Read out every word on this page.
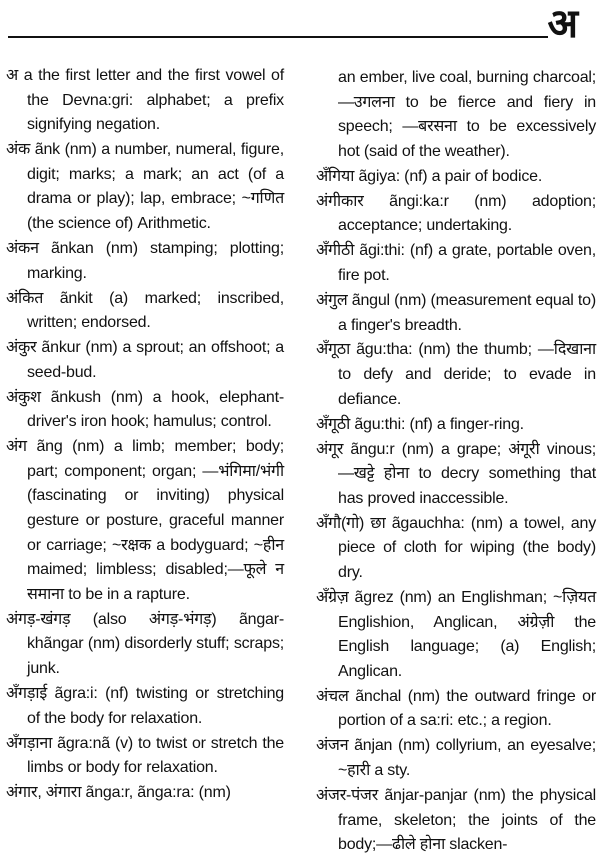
अ

अ a the first letter and the first vowel of the Devna:gri: alphabet; a prefix signifying negation.

अंक ãnk (nm) a number, numeral, figure, digit; marks; a mark; an act (of a drama or play); lap, embrace; ~गणित (the science of) Arithmetic.

अंकन ãnkan (nm) stamping; plotting; marking.

अंकित ãnkit (a) marked; inscribed, written; endorsed.

अंकुर ãnkur (nm) a sprout; an offshoot; a seed-bud.

अंकुश ãnkush (nm) a hook, elephant-driver's iron hook; hamulus; control.

अंग ãng (nm) a limb; member; body; part; component; organ; —भंगिमा/भंगी (fascinating or inviting) physical gesture or posture, graceful manner or carriage; ~रक्षक a bodyguard; ~हीन maimed; limbless; disabled;—फूले न समाना to be in a rapture.

अंगड़-खंगड़ (also अंगड़-भंगड़) ãngar-khãngar (nm) disorderly stuff; scraps; junk.

अँगड़ाई ãgra:i: (nf) twisting or stretching of the body for relaxation.

अँगड़ाना ãgra:nã (v) to twist or stretch the limbs or body for relaxation.

अंगार, अंगारा ãnga:r, ãnga:ra: (nm)

an ember, live coal, burning charcoal; —उगलना to be fierce and fiery in speech; —बरसना to be excessively hot (said of the weather).

अँगिया ãgiya: (nf) a pair of bodice.

अंगीकार ãngi:ka:r (nm) adoption; acceptance; undertaking.

अँगीठी ãgi:thi: (nf) a grate, portable oven, fire pot.

अंगुल ãngul (nm) (measurement equal to) a finger's breadth.

अँगूठा ãgu:tha: (nm) the thumb; —दिखाना to defy and deride; to evade in defiance.

अँगूठी ãgu:thi: (nf) a finger-ring.

अंगूर ãngu:r (nm) a grape; अंगूरी vinous; —खट्टे होना to decry something that has proved inaccessible.

अँगौ(गो) छा ãgauchha: (nm) a towel, any piece of cloth for wiping (the body) dry.

अँग्रेज़ ãgrez (nm) an Englishman; ~ज़ियत Englishion, Anglican, अंग्रेज़ी the English language; (a) English; Anglican.

अंचल ãnchal (nm) the outward fringe or portion of a sa:ri: etc.; a region.

अंजन ãnjan (nm) collyrium, an eyesalve; ~हारी a sty.

अंजर-पंजर ãnjar-panjar (nm) the physical frame, skeleton; the joints of the body;—ढीले होना slacken-
